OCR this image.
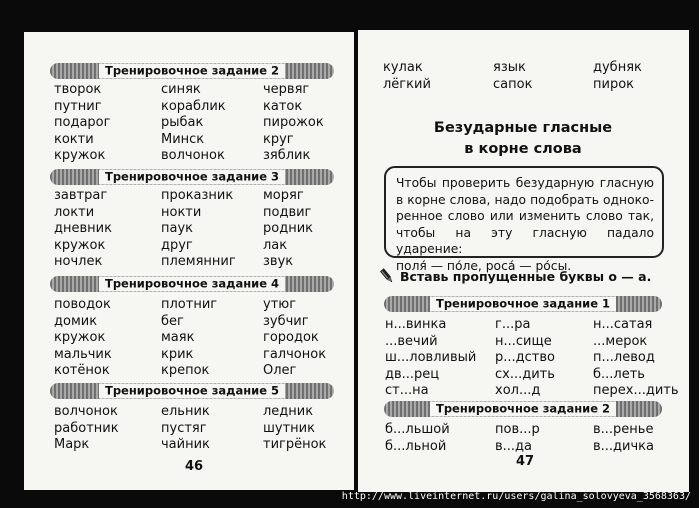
Тренировочное задание 2
творок	синяк	червяг
путниг	кораблик	каток
подарог	рыбак	пирожок
кокти	Минск	круг
кружок	волчонок	зяблик
Тренировочное задание 3
завтраг	проказник	моряг
локти	нокти	подвиг
дневник	паук	родник
кружок	друг	лак
ночлек	племянниг	звук
Тренировочное задание 4
поводок	плотниг	утюг
домик	бег	зубчиг
кружок	маяк	городок
мальчик	крик	галчонок
котёнок	крепок	Олег
Тренировочное задание 5
волчонок	ельник	ледник
работник	пустяг	шутник
Марк	чайник	тигрёнок
46
кулак	язык	дубняк
лёгкий	сапок	пирок
Безударные гласные
в корне слова

Чтобы проверить безударную гласную в корне слова, надо подобрать однокоренное слово или изменить слово так, чтобы на эту гласную падало ударение:

поля́ — по́ле, роса́ — ро́сы.

Вставь пропущенные буквы о — а.
Тренировочное задание 1
н...винка	г...ра	н...сатая
...вечий	н...сище	...мерок
ш...ловливый	р...дство	п...левод
дв...рец	сх...дить	б...леть
ст...на	хол...д	перех...дить
Тренировочное задание 2
б...льшой	пов...р	в...ренье
б...льной	в...да	в...дичка
47
http://www.liveinternet.ru/users/galina_solovyeva_3568363/
